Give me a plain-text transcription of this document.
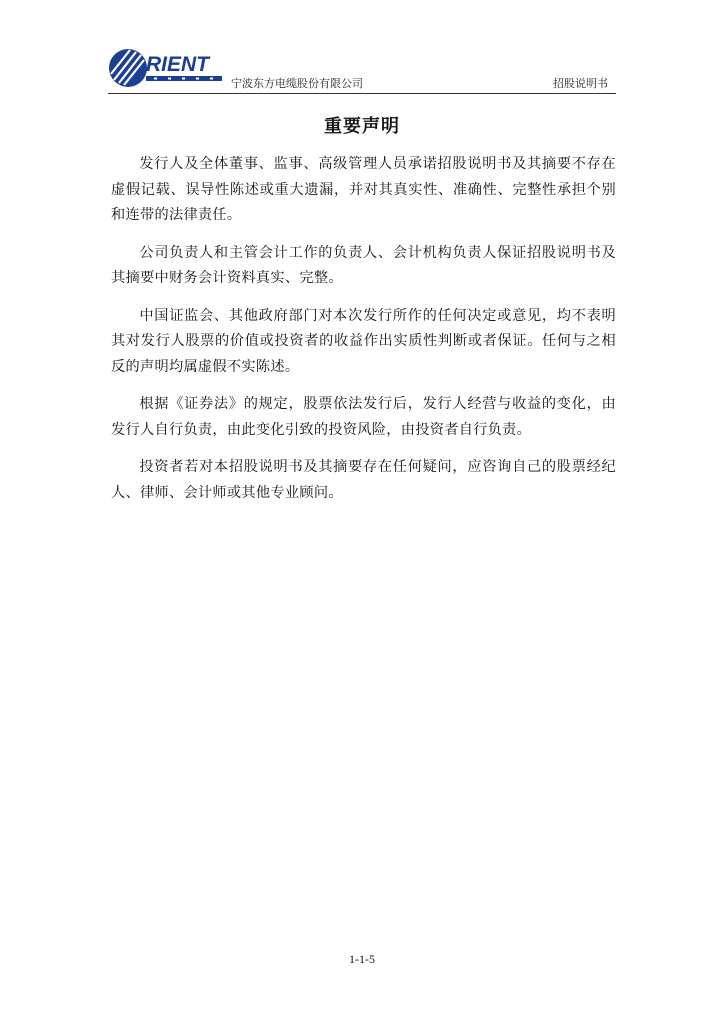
RIENT
宁波东方电缆股份有限公司	招股说明书
重要声明

发行人及全体董事、监事、高级管理人员承诺招股说明书及其摘要不存在虚假记载、误导性陈述或重大遗漏，并对其真实性、准确性、完整性承担个别和连带的法律责任。

公司负责人和主管会计工作的负责人、会计机构负责人保证招股说明书及其摘要中财务会计资料真实、完整。

中国证监会、其他政府部门对本次发行所作的任何决定或意见，均不表明其对发行人股票的价值或投资者的收益作出实质性判断或者保证。任何与之相反的声明均属虚假不实陈述。

根据《证券法》的规定，股票依法发行后，发行人经营与收益的变化，由发行人自行负责，由此变化引致的投资风险，由投资者自行负责。

投资者若对本招股说明书及其摘要存在任何疑问，应咨询自己的股票经纪人、律师、会计师或其他专业顾问。

1-1-5
